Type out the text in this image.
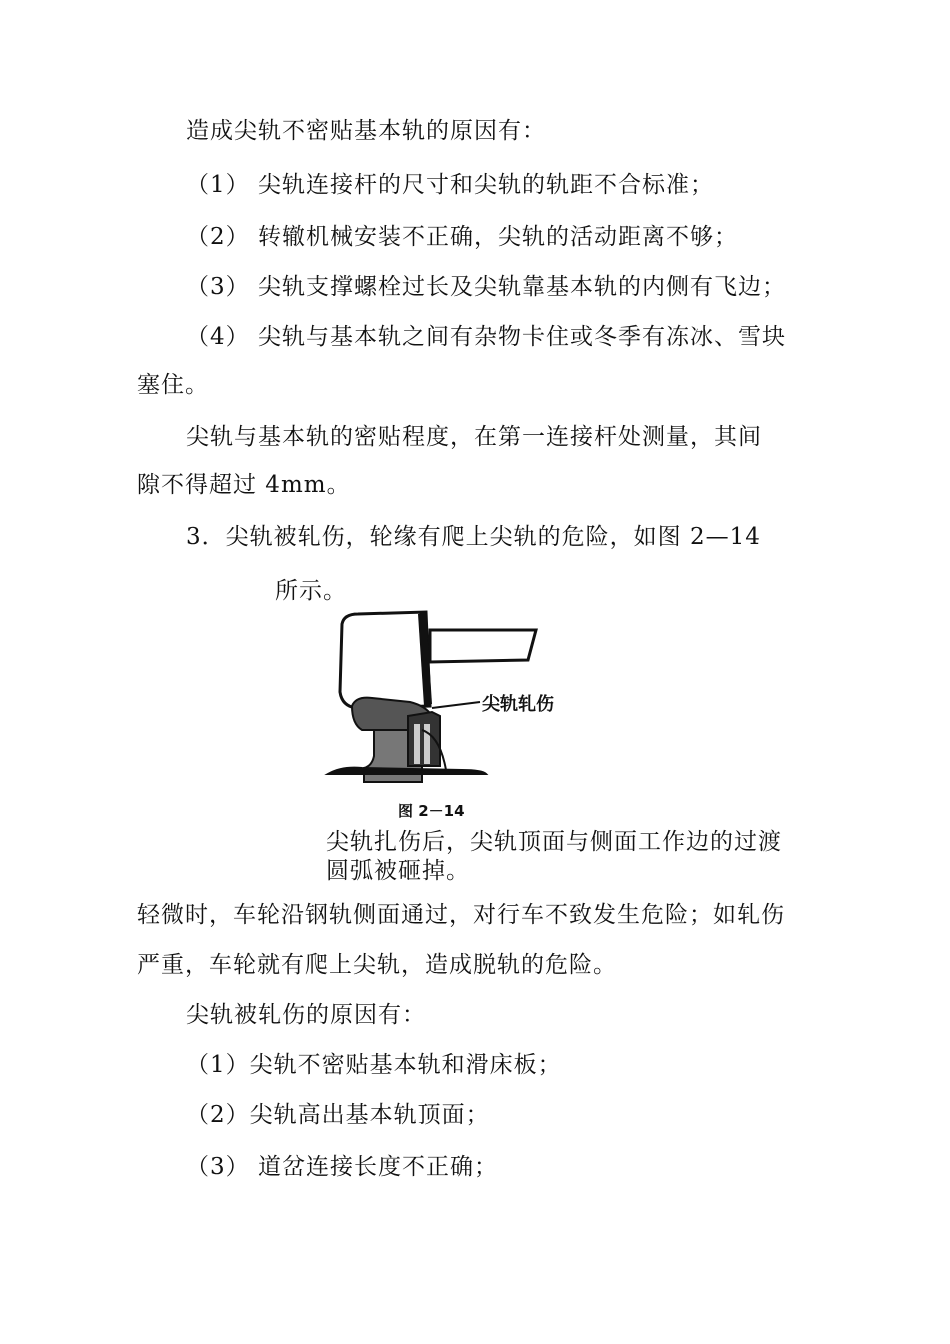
造成尖轨不密贴基本轨的原因有：
（1） 尖轨连接杆的尺寸和尖轨的轨距不合标准；
（2） 转辙机械安装不正确，尖轨的活动距离不够；
（3） 尖轨支撑螺栓过长及尖轨靠基本轨的内侧有飞边；
（4） 尖轨与基本轨之间有杂物卡住或冬季有冻冰、雪块
塞住。
尖轨与基本轨的密贴程度，在第一连接杆处测量，其间
隙不得超过 4mm。
3．尖轨被轧伤，轮缘有爬上尖轨的危险，如图 2—14
所示。
尖轨轧伤
图 2－14
尖轨扎伤后，尖轨顶面与侧面工作边的过渡
圆弧被砸掉。
轻微时，车轮沿钢轨侧面通过，对行车不致发生危险；如轧伤
严重，车轮就有爬上尖轨，造成脱轨的危险。
尖轨被轧伤的原因有：
（1）尖轨不密贴基本轨和滑床板；
（2）尖轨高出基本轨顶面；
（3） 道岔连接长度不正确；
